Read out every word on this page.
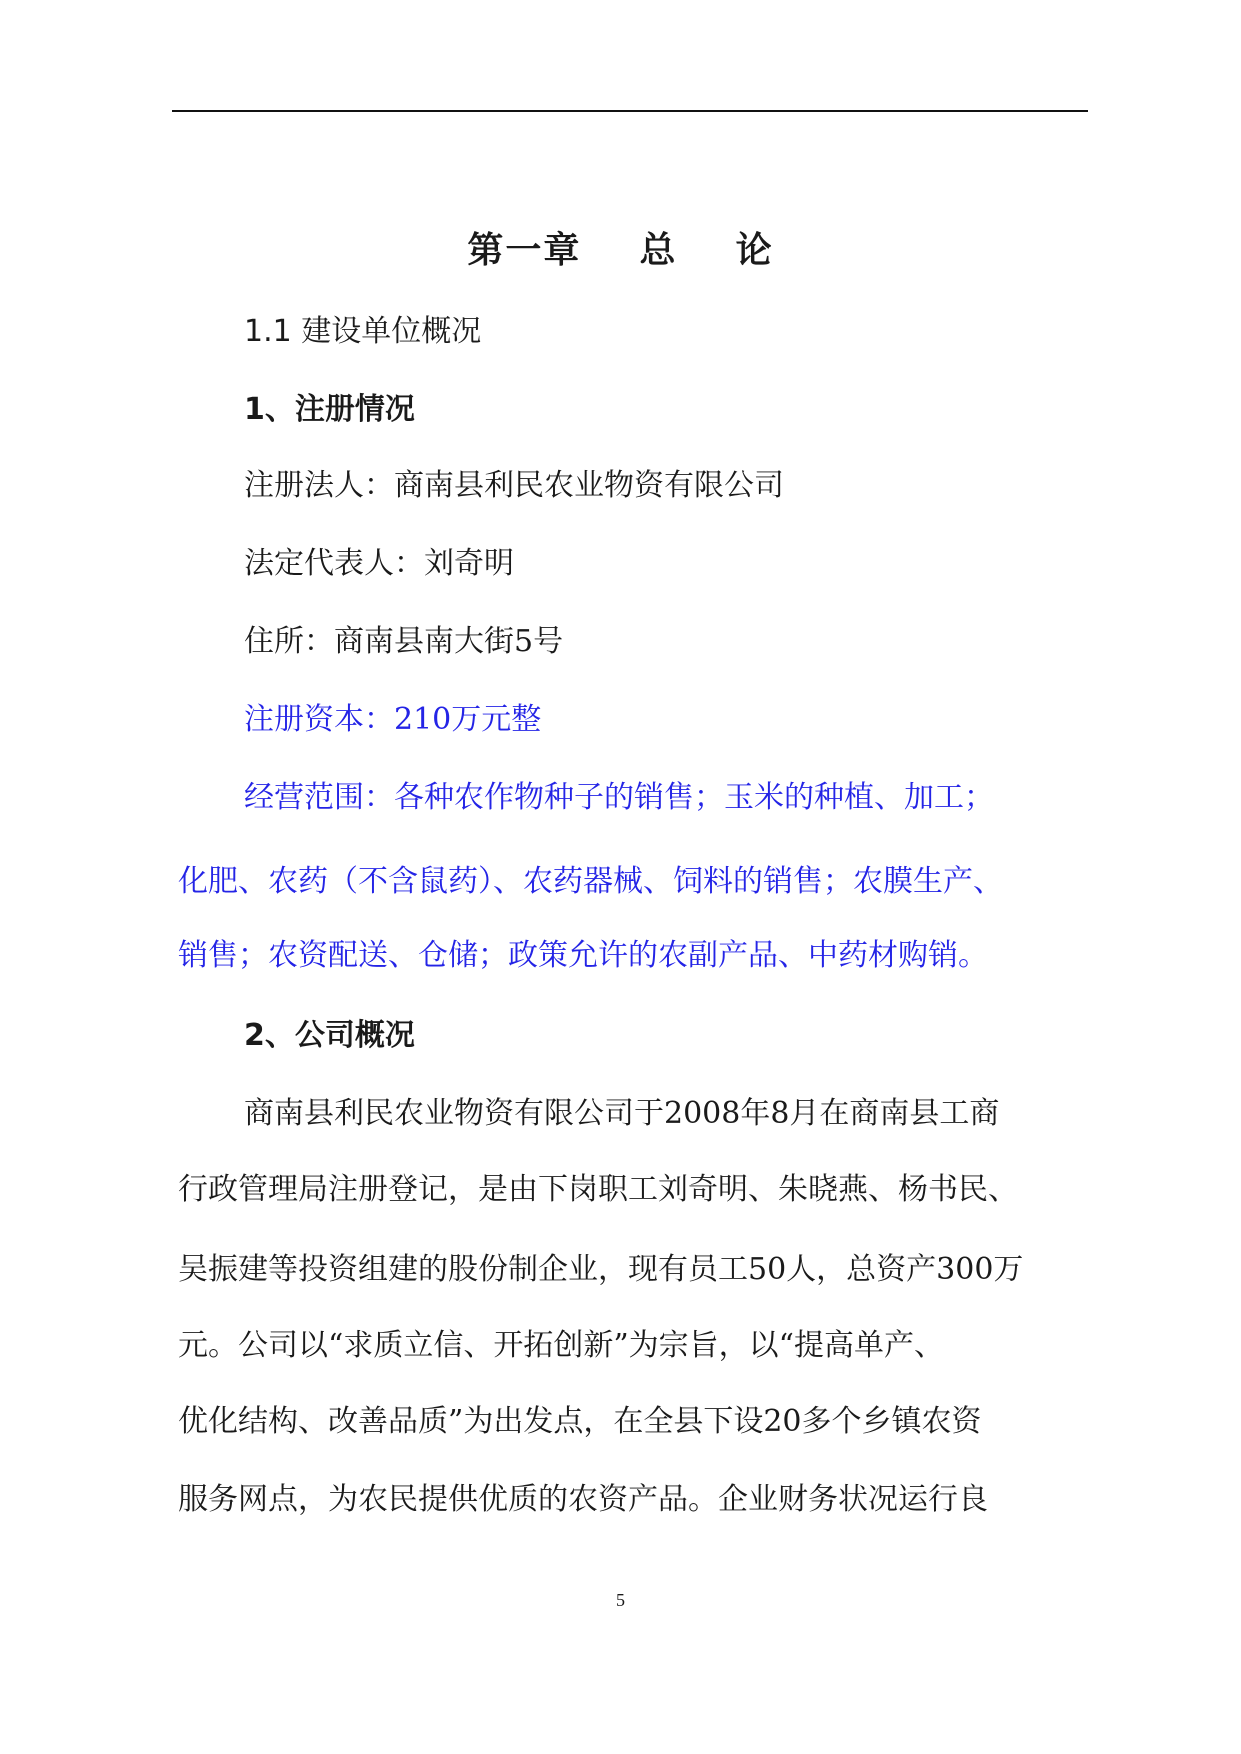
第一章    总    论
1.1 建设单位概况
1、注册情况
注册法人：商南县利民农业物资有限公司
法定代表人：刘奇明
住所：商南县南大街5号
注册资本：210万元整
经营范围：各种农作物种子的销售；玉米的种植、加工；
化肥、农药（不含鼠药）、农药器械、饲料的销售；农膜生产、
销售；农资配送、仓储；政策允许的农副产品、中药材购销。
2、公司概况
商南县利民农业物资有限公司于2008年8月在商南县工商
行政管理局注册登记，是由下岗职工刘奇明、朱晓燕、杨书民、
吴振建等投资组建的股份制企业，现有员工50人，总资产300万
元。公司以“求质立信、开拓创新”为宗旨，以“提高单产、
优化结构、改善品质”为出发点，在全县下设20多个乡镇农资
服务网点，为农民提供优质的农资产品。企业财务状况运行良
5
